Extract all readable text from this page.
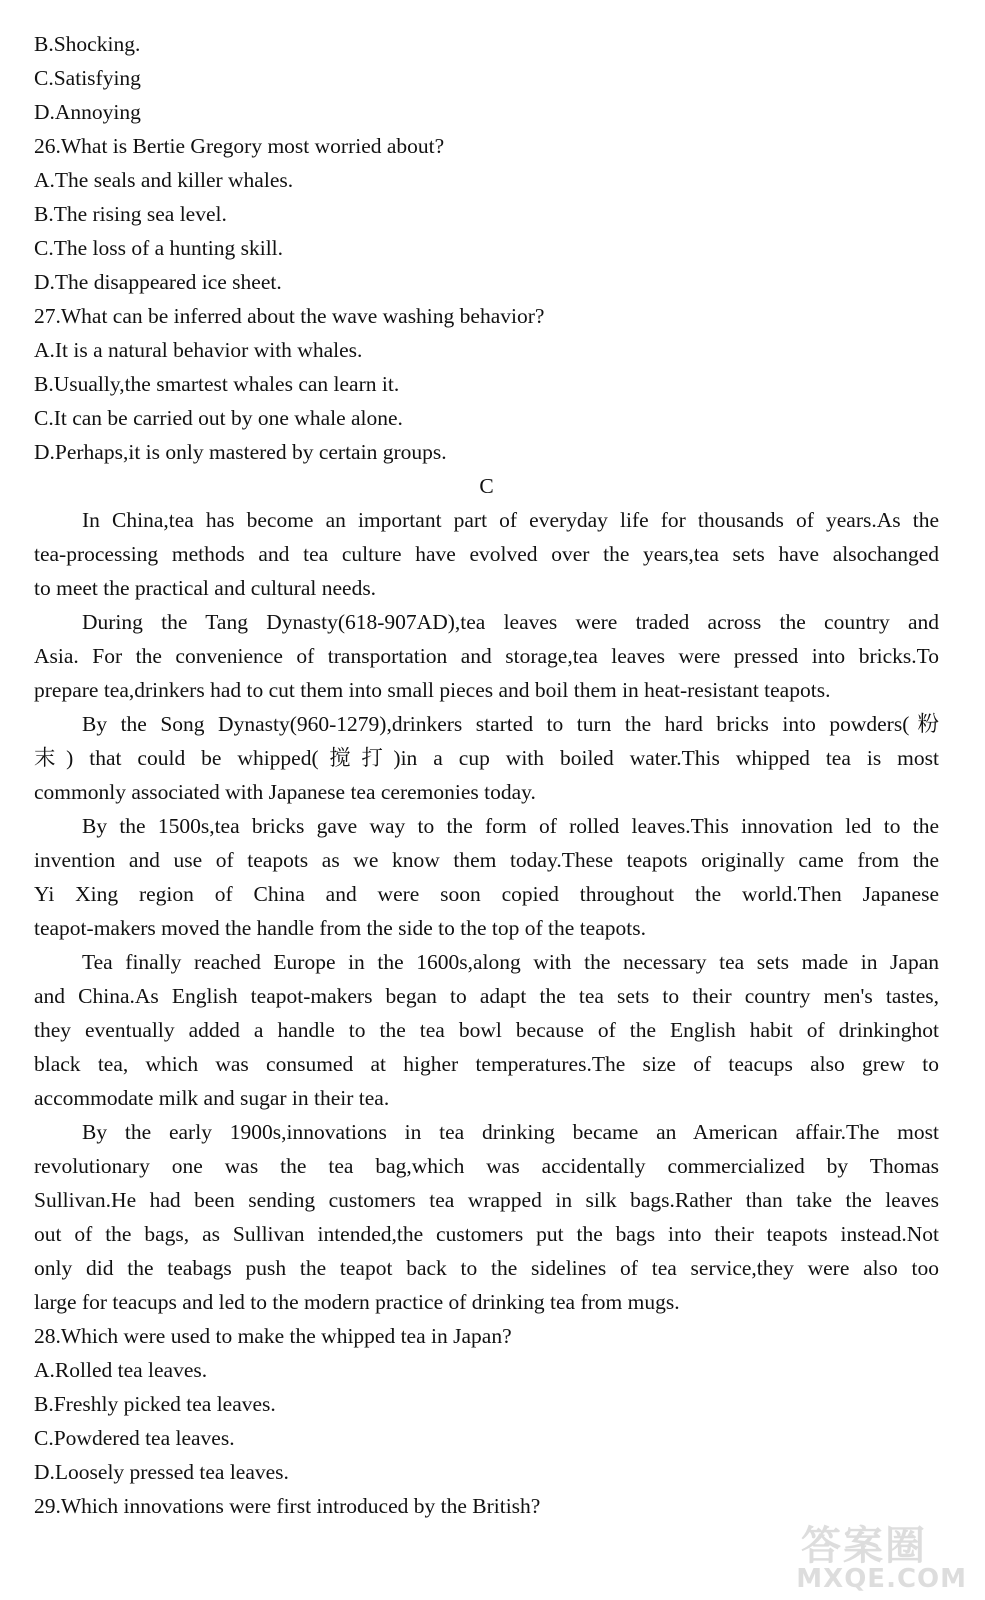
B.Shocking.
C.Satisfying
D.Annoying
26.What is Bertie Gregory most worried about?
A.The seals and killer whales.
B.The rising sea level.
C.The loss of a hunting skill.
D.The disappeared ice sheet.
27.What can be inferred about the wave washing behavior?
A.It is a natural behavior with whales.
B.Usually,the smartest whales can learn it.
C.It can be carried out by one whale alone.
D.Perhaps,it is only mastered by certain groups.
C
In China,tea has become an important part of everyday life for thousands of years.As the
tea-processing methods and tea culture have evolved over the years,tea sets have alsochanged
to meet the practical and cultural needs.
During the Tang Dynasty(618-907AD),tea leaves were traded across the country and
Asia. For the convenience of transportation and storage,tea leaves were pressed into bricks.To
prepare tea,drinkers had to cut them into small pieces and boil them in heat-resistant teapots.
By the Song Dynasty(960-1279),drinkers started to turn the hard bricks into powders(粉
末) that could be whipped(搅打)in a cup with boiled water.This whipped tea is most
commonly associated with Japanese tea ceremonies today.
By the 1500s,tea bricks gave way to the form of rolled leaves.This innovation led to the
invention and use of teapots as we know them today.These teapots originally came from the
Yi Xing region of China and were soon copied throughout the world.Then Japanese
teapot-makers moved the handle from the side to the top of the teapots.
Tea finally reached Europe in the 1600s,along with the necessary tea sets made in Japan
and China.As English teapot-makers began to adapt the tea sets to their country men's tastes,
they eventually added a handle to the tea bowl because of the English habit of drinkinghot
black tea, which was consumed at higher temperatures.The size of teacups also grew to
accommodate milk and sugar in their tea.
By the early 1900s,innovations in tea drinking became an American affair.The most
revolutionary one was the tea bag,which was accidentally commercialized by Thomas
Sullivan.He had been sending customers tea wrapped in silk bags.Rather than take the leaves
out of the bags, as Sullivan intended,the customers put the bags into their teapots instead.Not
only did the teabags push the teapot back to the sidelines of tea service,they were also too
large for teacups and led to the modern practice of drinking tea from mugs.
28.Which were used to make the whipped tea in Japan?
A.Rolled tea leaves.
B.Freshly picked tea leaves.
C.Powdered tea leaves.
D.Loosely pressed tea leaves.
29.Which innovations were first introduced by the British?
答案圈
MXQE.COM
